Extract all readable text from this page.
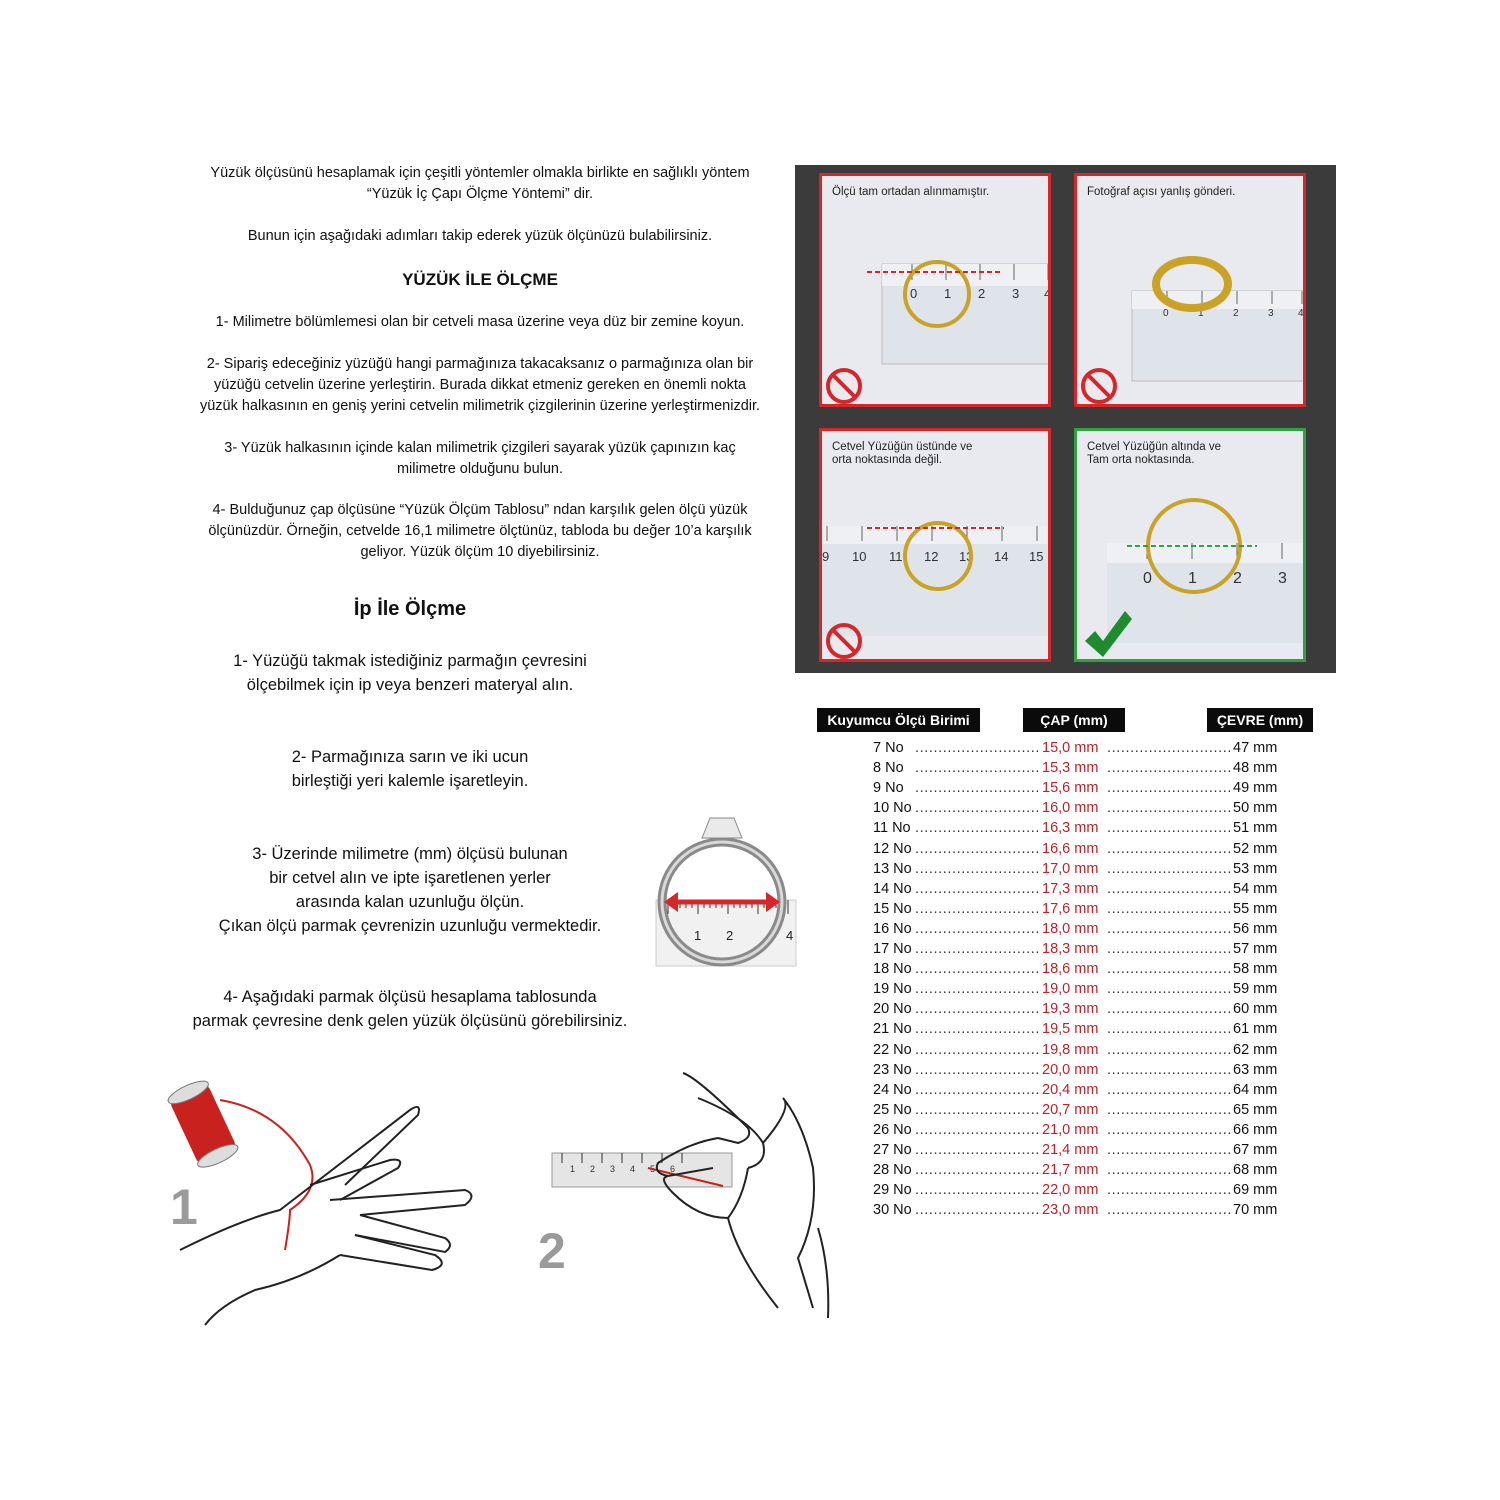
Yüzük ölçüsünü hesaplamak için çeşitli yöntemler olmakla birlikte en sağlıklı yöntem

“Yüzük İç Çapı Ölçme Yöntemi” dir.

Bunun için aşağıdaki adımları takip ederek yüzük ölçünüzü bulabilirsiniz.
YÜZÜK İLE ÖLÇME
1- Milimetre bölümlemesi olan bir cetveli masa üzerine veya düz bir zemine koyun.

2- Sipariş edeceğiniz yüzüğü hangi parmağınıza takacaksanız o parmağınıza olan bir

yüzüğü cetvelin üzerine yerleştirin. Burada dikkat etmeniz gereken en önemli nokta

yüzük halkasının en geniş yerini cetvelin milimetrik çizgilerinin üzerine yerleştirmenizdir.

3- Yüzük halkasının içinde kalan milimetrik çizgileri sayarak yüzük çapınızın kaç

milimetre olduğunu bulun.

4- Bulduğunuz çap ölçüsüne “Yüzük Ölçüm Tablosu” ndan karşılık gelen ölçü yüzük

ölçünüzdür. Örneğin, cetvelde 16,1 milimetre ölçtünüz, tabloda bu değer 10’a karşılık

geliyor. Yüzük ölçüm 10 diyebilirsiniz.

İp İle Ölçme
1- Yüzüğü takmak istediğiniz parmağın çevresini
ölçebilmek için ip veya benzeri materyal alın.
2- Parmağınıza sarın ve iki ucun
birleştiği yeri kalemle işaretleyin.
3- Üzerinde milimetre (mm) ölçüsü bulunan
bir cetvel alın ve ipte işaretlenen yerler
arasında kalan uzunluğu ölçün.
Çıkan ölçü parmak çevrenizin uzunluğu vermektedir.
4- Aşağıdaki parmak ölçüsü hesaplama tablosunda
parmak çevresine denk gelen yüzük ölçüsünü görebilirsiniz.
1 2	4
1
2
1 2 3 4	6
Ölçü tam ortadan alınmamıştır.
0 1 2 3 4
Fotoğraf açısı yanlış gönderi.
0	1	2	3 4
Cetvel Yüzüğün üstünde ve
orta noktasında değil.
9 10 11 12 13 14 15
Cetvel Yüzüğün altında ve
Tam orta noktasında.
0 1 2 3
Kuyumcu Ölçü Birimi	ÇAP (mm)	ÇEVRE (mm)
7 No .....	15,0 mm .....	47 mm
8 No .....	15,3 mm .....	48 mm
9 No .....	15,6 mm .....	49 mm
10 No .....	16,0 mm .....	50 mm
11 No .....	16,3 mm .....	51 mm
12 No .....	16,6 mm .....	52 mm
13 No .....	17,0 mm .....	53 mm
14 No .....	17,3 mm .....	54 mm
15 No .....	17,6 mm .....	55 mm
16 No .....	18,0 mm .....	56 mm
17 No .....	18,3 mm .....	57 mm
18 No .....	18,6 mm .....	58 mm
19 No .....	19,0 mm .....	59 mm
20 No .....	19,3 mm .....	60 mm
21 No .....	19,5 mm .....	61 mm
22 No .....	19,8 mm .....	62 mm
23 No .....	20,0 mm .....	63 mm
24 No .....	20,4 mm .....	64 mm
25 No .....	20,7 mm .....	65 mm
26 No .....	21,0 mm .....	66 mm
27 No .....	21,4 mm .....	67 mm
28 No .....	21,7 mm .....	68 mm
29 No .....	22,0 mm .....	69 mm
30 No .....	23,0 mm .....	70 mm
